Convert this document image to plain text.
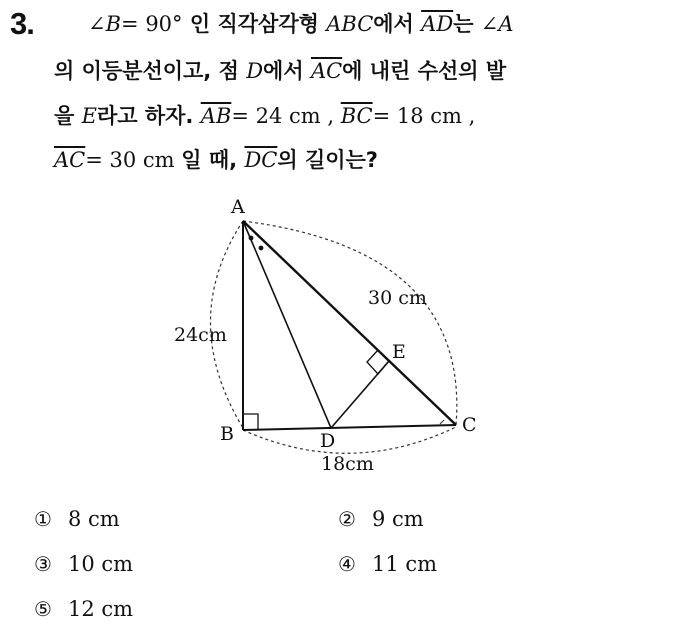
3.	∠B= 90° 인 직각삼각형 ABC에서 $\overline{AD}$는 ∠A
의 이등분선이고, 점 D에서 $\overline{AC}$에 내린 수선의 발
을 E라고 하자. $\overline{AB}= 24$ cm , $\overline{BC}= 18$ cm ,
$\overline{AC}= 30$ cm 일 때, $\overline{DC}$의 길이는?
A
B	C
D
E
24cm
30 cm
18cm
① 8 cm	② 9 cm
③ 10 cm	④ 11 cm
⑤ 12 cm
